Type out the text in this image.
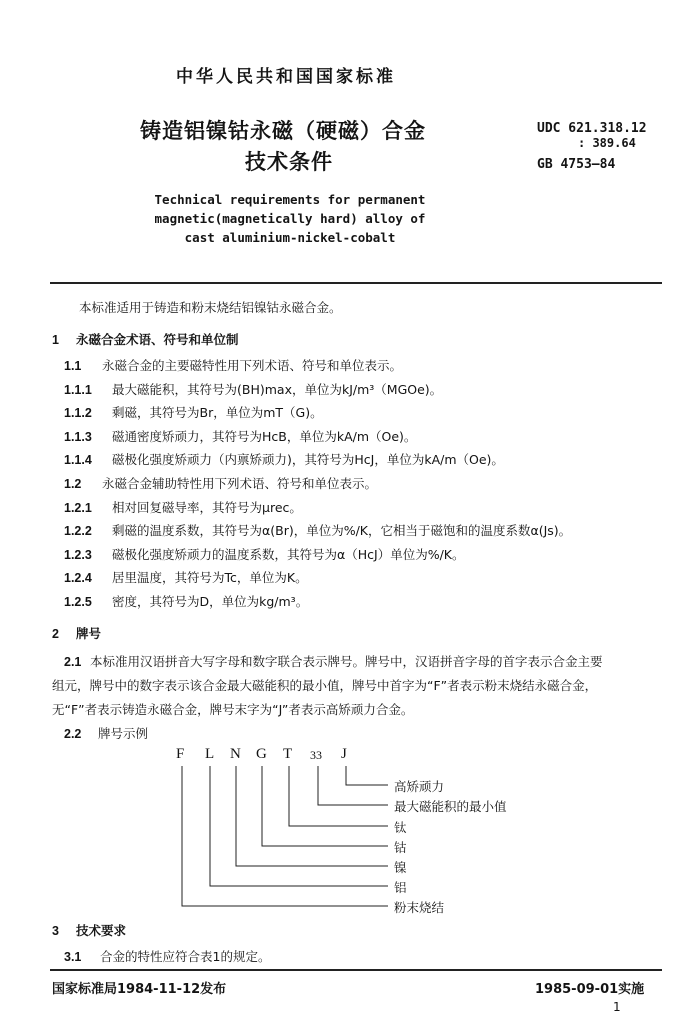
中华人民共和国国家标准
铸造铝镍钴永磁（硬磁）合金
技术条件
UDC 621.318.12
: 389.64
GB 4753—84
Technical requirements for permanent
magnetic(magnetically hard) alloy of
cast aluminium-nickel-cobalt
本标准适用于铸造和粉末烧结铝镍钴永磁合金。
1 永磁合金术语、符号和单位制
1.1 永磁合金的主要磁特性用下列术语、符号和单位表示。
1.1.1 最大磁能积，其符号为(BH)max，单位为kJ/m³（MGOe)。
1.1.2 剩磁，其符号为Br，单位为mT（G)。
1.1.3 磁通密度矫顽力，其符号为HcB，单位为kA/m（Oe)。
1.1.4 磁极化强度矫顽力（内禀矫顽力)，其符号为HcJ，单位为kA/m（Oe)。
1.2 永磁合金辅助特性用下列术语、符号和单位表示。
1.2.1 相对回复磁导率，其符号为μrec。
1.2.2 剩磁的温度系数，其符号为α(Br)，单位为%/K，它相当于磁饱和的温度系数α(Js)。
1.2.3 磁极化强度矫顽力的温度系数，其符号为α（HcJ）单位为%/K。
1.2.4 居里温度，其符号为Tc，单位为K。
1.2.5 密度，其符号为D，单位为kg/m³。
2 牌号
2.1 本标准用汉语拼音大写字母和数字联合表示牌号。牌号中，汉语拼音字母的首字表示合金主要
组元，牌号中的数字表示该合金最大磁能积的最小值，牌号中首字为“F”者表示粉末烧结永磁合金，
无“F”者表示铸造永磁合金，牌号末字为“J”者表示高矫顽力合金。
2.2 牌号示例
F L N G T 33 J
高矫顽力
最大磁能积的最小值
钛
钴
镍
铝
粉末烧结
3 技术要求
3.1 合金的特性应符合表1的规定。
国家标准局1984-11-12发布	1985-09-01实施
1
